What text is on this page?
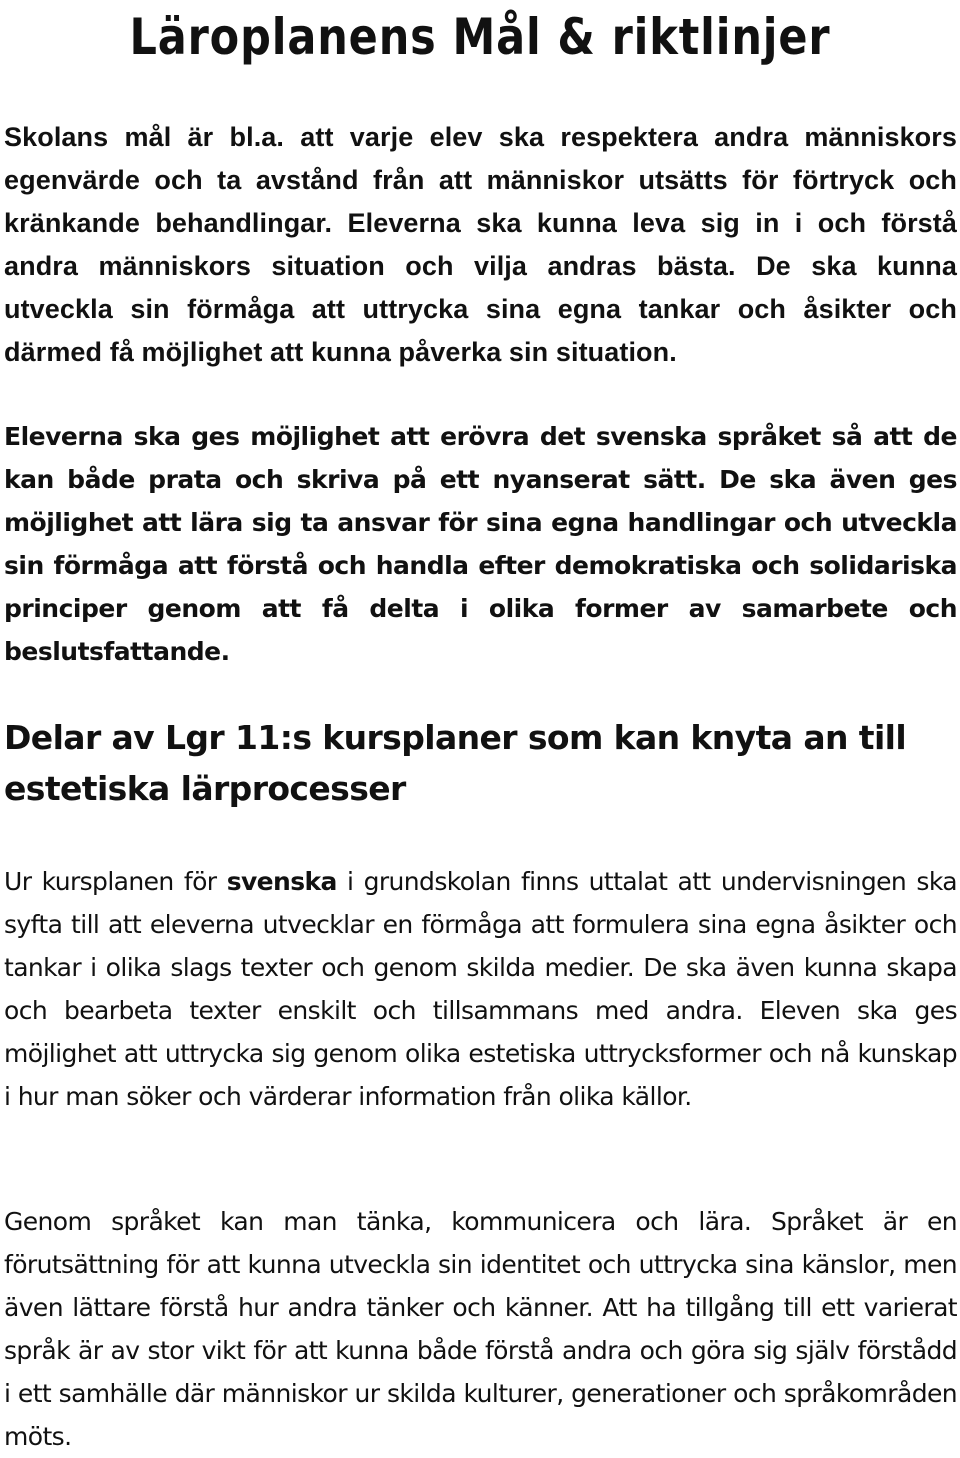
Läroplanens Mål & riktlinjer

Skolans mål är bl.a. att varje elev ska respektera andra människors egenvärde och ta avstånd från att människor utsätts för förtryck och kränkande behandlingar. Eleverna ska kunna leva sig in i och förstå andra människors situation och vilja andras bästa. De ska kunna utveckla sin förmåga att uttrycka sina egna tankar och åsikter och därmed få möjlighet att kunna påverka sin situation.

Eleverna ska ges möjlighet att erövra det svenska språket så att de kan både prata och skriva på ett nyanserat sätt. De ska även ges möjlighet att lära sig ta ansvar för sina egna handlingar och utveckla sin förmåga att förstå och handla efter demokratiska och solidariska principer genom att få delta i olika former av samarbete och beslutsfattande.

Delar av Lgr 11:s kursplaner som kan knyta an till estetiska lärprocesser

Ur kursplanen för svenska i grundskolan finns uttalat att undervisningen ska syfta till att eleverna utvecklar en förmåga att formulera sina egna åsikter och tankar i olika slags texter och genom skilda medier. De ska även kunna skapa och bearbeta texter enskilt och tillsammans med andra. Eleven ska ges möjlighet att uttrycka sig genom olika estetiska uttrycksformer och nå kunskap i hur man söker och värderar information från olika källor.

Genom språket kan man tänka, kommunicera och lära. Språket är en förutsättning för att kunna utveckla sin identitet och uttrycka sina känslor, men även lättare förstå hur andra tänker och känner. Att ha tillgång till ett varierat språk är av stor vikt för att kunna både förstå andra och göra sig själv förstådd i ett samhälle där människor ur skilda kulturer, generationer och språkområden möts.
